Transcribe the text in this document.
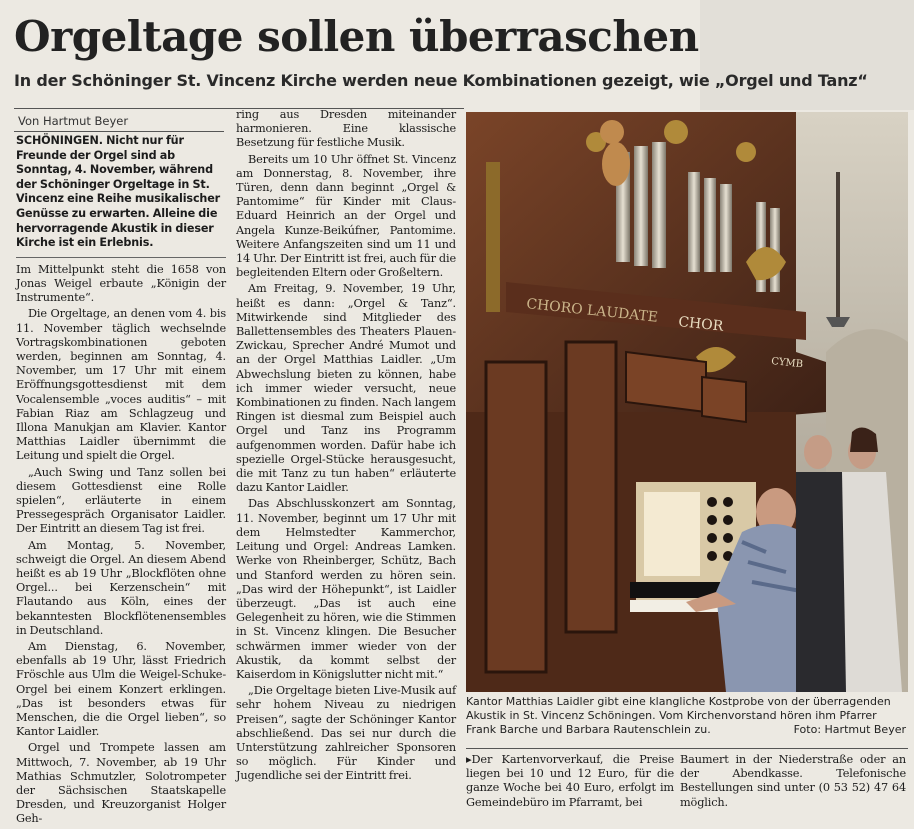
Orgeltage sollen überraschen
In der Schöninger St. Vincenz Kirche werden neue Kombinationen gezeigt, wie „Orgel und Tanz“
Von Hartmut Beyer

SCHÖNINGEN. Nicht nur für Freunde der Orgel sind ab Sonntag, 4. November, während der Schöninger Orgeltage in St. Vincenz eine Reihe musikalischer Genüsse zu erwarten. Alleine die hervorragende Akustik in dieser Kirche ist ein Erlebnis.

Im Mittelpunkt steht die 1658 von Jonas Weigel erbaute „Königin der Instrumente“.

Die Orgeltage, an denen vom 4. bis 11. November täglich wechselnde Vortragskombinationen geboten werden, beginnen am Sonntag, 4. November, um 17 Uhr mit einem Eröffnungsgottesdienst mit dem Vocalensemble „voces auditis“ – mit Fabian Riaz am Schlagzeug und Illona Manukjan am Klavier. Kantor Matthias Laidler übernimmt die Leitung und spielt die Orgel.

„Auch Swing und Tanz sollen bei diesem Gottesdienst eine Rolle spielen“, erläuterte in einem Pressegespräch Organisator Laidler. Der Eintritt an diesem Tag ist frei.

Am Montag, 5. November, schweigt die Orgel. An diesem Abend heißt es ab 19 Uhr „Blockflöten ohne Orgel... bei Kerzenschein“ mit Flautando aus Köln, eines der bekanntesten Blockflötenensembles in Deutschland.

Am Dienstag, 6. November, ebenfalls ab 19 Uhr, lässt Friedrich Fröschle aus Ulm die Weigel-Schuke-Orgel bei einem Konzert erklingen. „Das ist besonders etwas für Menschen, die die Orgel lieben“, so Kantor Laidler.

Orgel und Trompete lassen am Mittwoch, 7. November, ab 19 Uhr Mathias Schmutzler, Solotrompeter der Sächsischen Staatskapelle Dresden, und Kreuzorganist Holger Geh-

ring aus Dresden miteinander harmonieren. Eine klassische Besetzung für festliche Musik.

Bereits um 10 Uhr öffnet St. Vincenz am Donnerstag, 8. November, ihre Türen, denn dann beginnt „Orgel & Pantomime“ für Kinder mit Claus-Eduard Heinrich an der Orgel und Angela Kunze-Beikúfner, Pantomime. Weitere Anfangszeiten sind um 11 und 14 Uhr. Der Eintritt ist frei, auch für die begleitenden Eltern oder Großeltern.

Am Freitag, 9. November, 19 Uhr, heißt es dann: „Orgel & Tanz“. Mitwirkende sind Mitglieder des Ballettensembles des Theaters Plauen-Zwickau, Sprecher André Mumot und an der Orgel Matthias Laidler. „Um Abwechslung bieten zu können, habe ich immer wieder versucht, neue Kombinationen zu finden. Nach langem Ringen ist diesmal zum Beispiel auch Orgel und Tanz ins Programm aufgenommen worden. Dafür habe ich spezielle Orgel-Stücke herausgesucht, die mit Tanz zu tun haben“ erläuterte dazu Kantor Laidler.

Das Abschlusskonzert am Sonntag, 11. November, beginnt um 17 Uhr mit dem Helmstedter Kammerchor, Leitung und Orgel: Andreas Lamken. Werke von Rheinberger, Schütz, Bach und Stanford werden zu hören sein. „Das wird der Höhepunkt“, ist Laidler überzeugt. „Das ist auch eine Gelegenheit zu hören, wie die Stimmen in St. Vincenz klingen. Die Besucher schwärmen immer wieder von der Akustik, da kommt selbst der Kaiserdom in Königslutter nicht mit.“

„Die Orgeltage bieten Live-Musik auf sehr hohem Niveau zu niedrigen Preisen“, sagte der Schöninger Kantor abschließend. Das sei nur durch die Unterstützung zahlreicher Sponsoren so möglich. Für Kinder und Jugendliche sei der Eintritt frei.

CHORO LAUDATE CHOR
CYMB
Kantor Matthias Laidler gibt eine klangliche Kostprobe von der überragenden Akustik in St. Vincenz Schöningen. Vom Kirchenvorstand hören ihm Pfarrer Frank Barche und Barbara Rautenschlein zu.	Foto: Hartmut Beyer

▸Der Kartenvorverkauf, die Preise liegen bei 10 und 12 Euro, für die ganze Woche bei 40 Euro, erfolgt im Gemeindebüro im Pfarramt, bei

Baumert in der Niederstraße oder an der Abendkasse. Telefonische Bestellungen sind unter (0 53 52) 47 64 möglich.
